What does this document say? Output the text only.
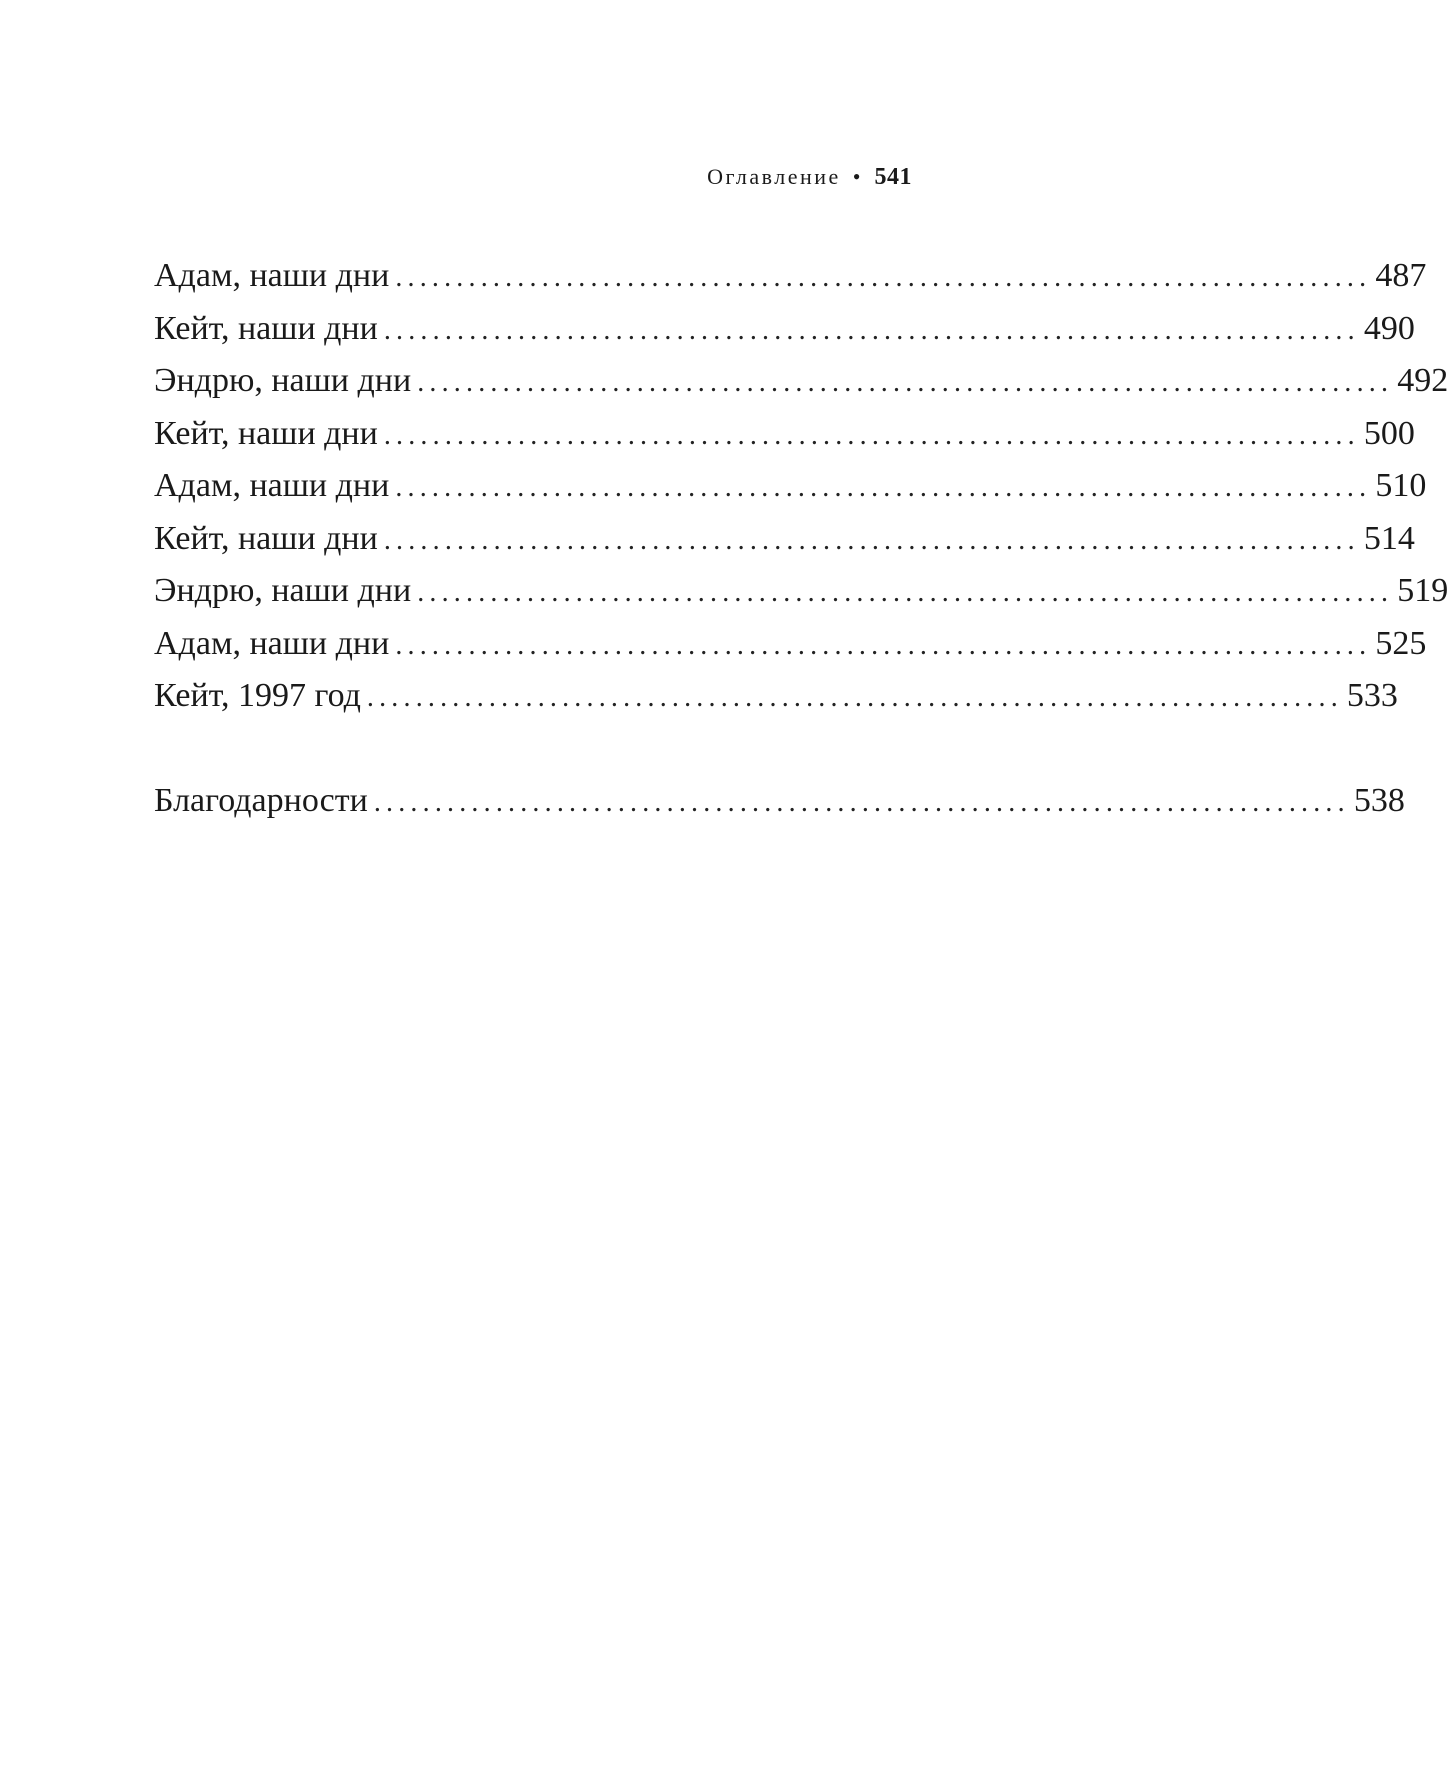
Оглавление • 541
Адам, наши дни ................................................................................ 487
Кейт, наши дни ................................................................................ 490
Эндрю, наши дни ................................................................................ 492
Кейт, наши дни ................................................................................ 500
Адам, наши дни ................................................................................ 510
Кейт, наши дни ................................................................................ 514
Эндрю, наши дни ................................................................................ 519
Адам, наши дни ................................................................................ 525
Кейт, 1997 год ................................................................................ 533
Благодарности ................................................................................ 538
